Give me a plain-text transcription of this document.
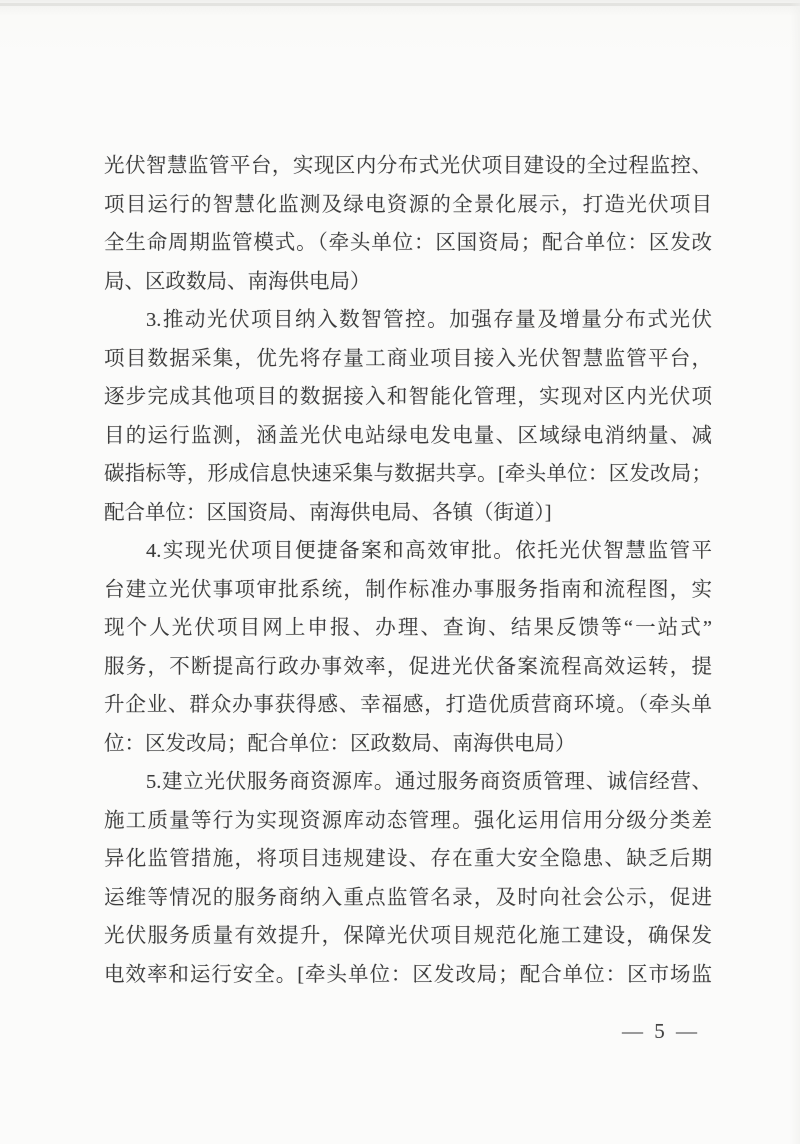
光伏智慧监管平台，实现区内分布式光伏项目建设的全过程监控、
项目运行的智慧化监测及绿电资源的全景化展示，打造光伏项目
全生命周期监管模式。（牵头单位：区国资局；配合单位：区发改
局、区政数局、南海供电局）
3.推动光伏项目纳入数智管控。加强存量及增量分布式光伏
项目数据采集，优先将存量工商业项目接入光伏智慧监管平台，
逐步完成其他项目的数据接入和智能化管理，实现对区内光伏项
目的运行监测，涵盖光伏电站绿电发电量、区域绿电消纳量、减
碳指标等，形成信息快速采集与数据共享。[牵头单位：区发改局；
配合单位：区国资局、南海供电局、各镇（街道）]
4.实现光伏项目便捷备案和高效审批。依托光伏智慧监管平
台建立光伏事项审批系统，制作标准办事服务指南和流程图，实
现个人光伏项目网上申报、办理、查询、结果反馈等“一站式”
服务，不断提高行政办事效率，促进光伏备案流程高效运转，提
升企业、群众办事获得感、幸福感，打造优质营商环境。（牵头单
位：区发改局；配合单位：区政数局、南海供电局）
5.建立光伏服务商资源库。通过服务商资质管理、诚信经营、
施工质量等行为实现资源库动态管理。强化运用信用分级分类差
异化监管措施，将项目违规建设、存在重大安全隐患、缺乏后期
运维等情况的服务商纳入重点监管名录，及时向社会公示，促进
光伏服务质量有效提升，保障光伏项目规范化施工建设，确保发
电效率和运行安全。[牵头单位：区发改局；配合单位：区市场监
— 5 —
